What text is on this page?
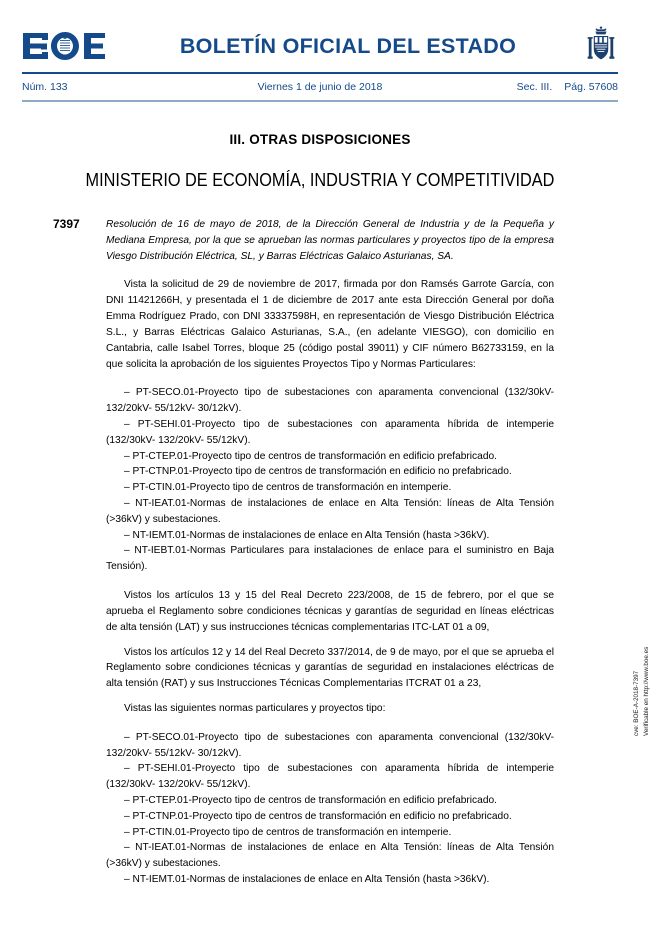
BOLETÍN OFICIAL DEL ESTADO
Núm. 133	Viernes 1 de junio de 2018	Sec. III. Pág. 57608
III. OTRAS DISPOSICIONES
MINISTERIO DE ECONOMÍA, INDUSTRIA Y COMPETITIVIDAD
7397	Resolución de 16 de mayo de 2018, de la Dirección General de Industria y de la Pequeña y Mediana Empresa, por la que se aprueban las normas particulares y proyectos tipo de la empresa Viesgo Distribución Eléctrica, SL, y Barras Eléctricas Galaico Asturianas, SA.

Vista la solicitud de 29 de noviembre de 2017, firmada por don Ramsés Garrote García, con DNI 11421266H, y presentada el 1 de diciembre de 2017 ante esta Dirección General por doña Emma Rodríguez Prado, con DNI 33337598H, en representación de Viesgo Distribución Eléctrica S.L., y Barras Eléctricas Galaico Asturianas, S.A., (en adelante VIESGO), con domicilio en Cantabria, calle Isabel Torres, bloque 25 (código postal 39011) y CIF número B62733159, en la que solicita la aprobación de los siguientes Proyectos Tipo y Normas Particulares:

– PT-SECO.01-Proyecto tipo de subestaciones con aparamenta convencional (132/30kV- 132/20kV- 55/12kV- 30/12kV).

– PT-SEHI.01-Proyecto tipo de subestaciones con aparamenta híbrida de intemperie (132/30kV- 132/20kV- 55/12kV).

– PT-CTEP.01-Proyecto tipo de centros de transformación en edificio prefabricado.

– PT-CTNP.01-Proyecto tipo de centros de transformación en edificio no prefabricado.

– PT-CTIN.01-Proyecto tipo de centros de transformación en intemperie.

– NT-IEAT.01-Normas de instalaciones de enlace en Alta Tensión: líneas de Alta Tensión (>36kV) y subestaciones.

– NT-IEMT.01-Normas de instalaciones de enlace en Alta Tensión (hasta >36kV).

– NT-IEBT.01-Normas Particulares para instalaciones de enlace para el suministro en Baja Tensión).

Vistos los artículos 13 y 15 del Real Decreto 223/2008, de 15 de febrero, por el que se aprueba el Reglamento sobre condiciones técnicas y garantías de seguridad en líneas eléctricas de alta tensión (LAT) y sus instrucciones técnicas complementarias ITC-LAT 01 a 09,

Vistos los artículos 12 y 14 del Real Decreto 337/2014, de 9 de mayo, por el que se aprueba el Reglamento sobre condiciones técnicas y garantías de seguridad en instalaciones eléctricas de alta tensión (RAT) y sus Instrucciones Técnicas Complementarias ITCRAT 01 a 23,

Vistas las siguientes normas particulares y proyectos tipo:

– PT-SECO.01-Proyecto tipo de subestaciones con aparamenta convencional (132/30kV- 132/20kV- 55/12kV- 30/12kV).

– PT-SEHI.01-Proyecto tipo de subestaciones con aparamenta híbrida de intemperie (132/30kV- 132/20kV- 55/12kV).

– PT-CTEP.01-Proyecto tipo de centros de transformación en edificio prefabricado.

– PT-CTNP.01-Proyecto tipo de centros de transformación en edificio no prefabricado.

– PT-CTIN.01-Proyecto tipo de centros de transformación en intemperie.

– NT-IEAT.01-Normas de instalaciones de enlace en Alta Tensión: líneas de Alta Tensión (>36kV) y subestaciones.

– NT-IEMT.01-Normas de instalaciones de enlace en Alta Tensión (hasta >36kV).

cve: BOE-A-2018-7397 Verificable en http://www.boe.es
